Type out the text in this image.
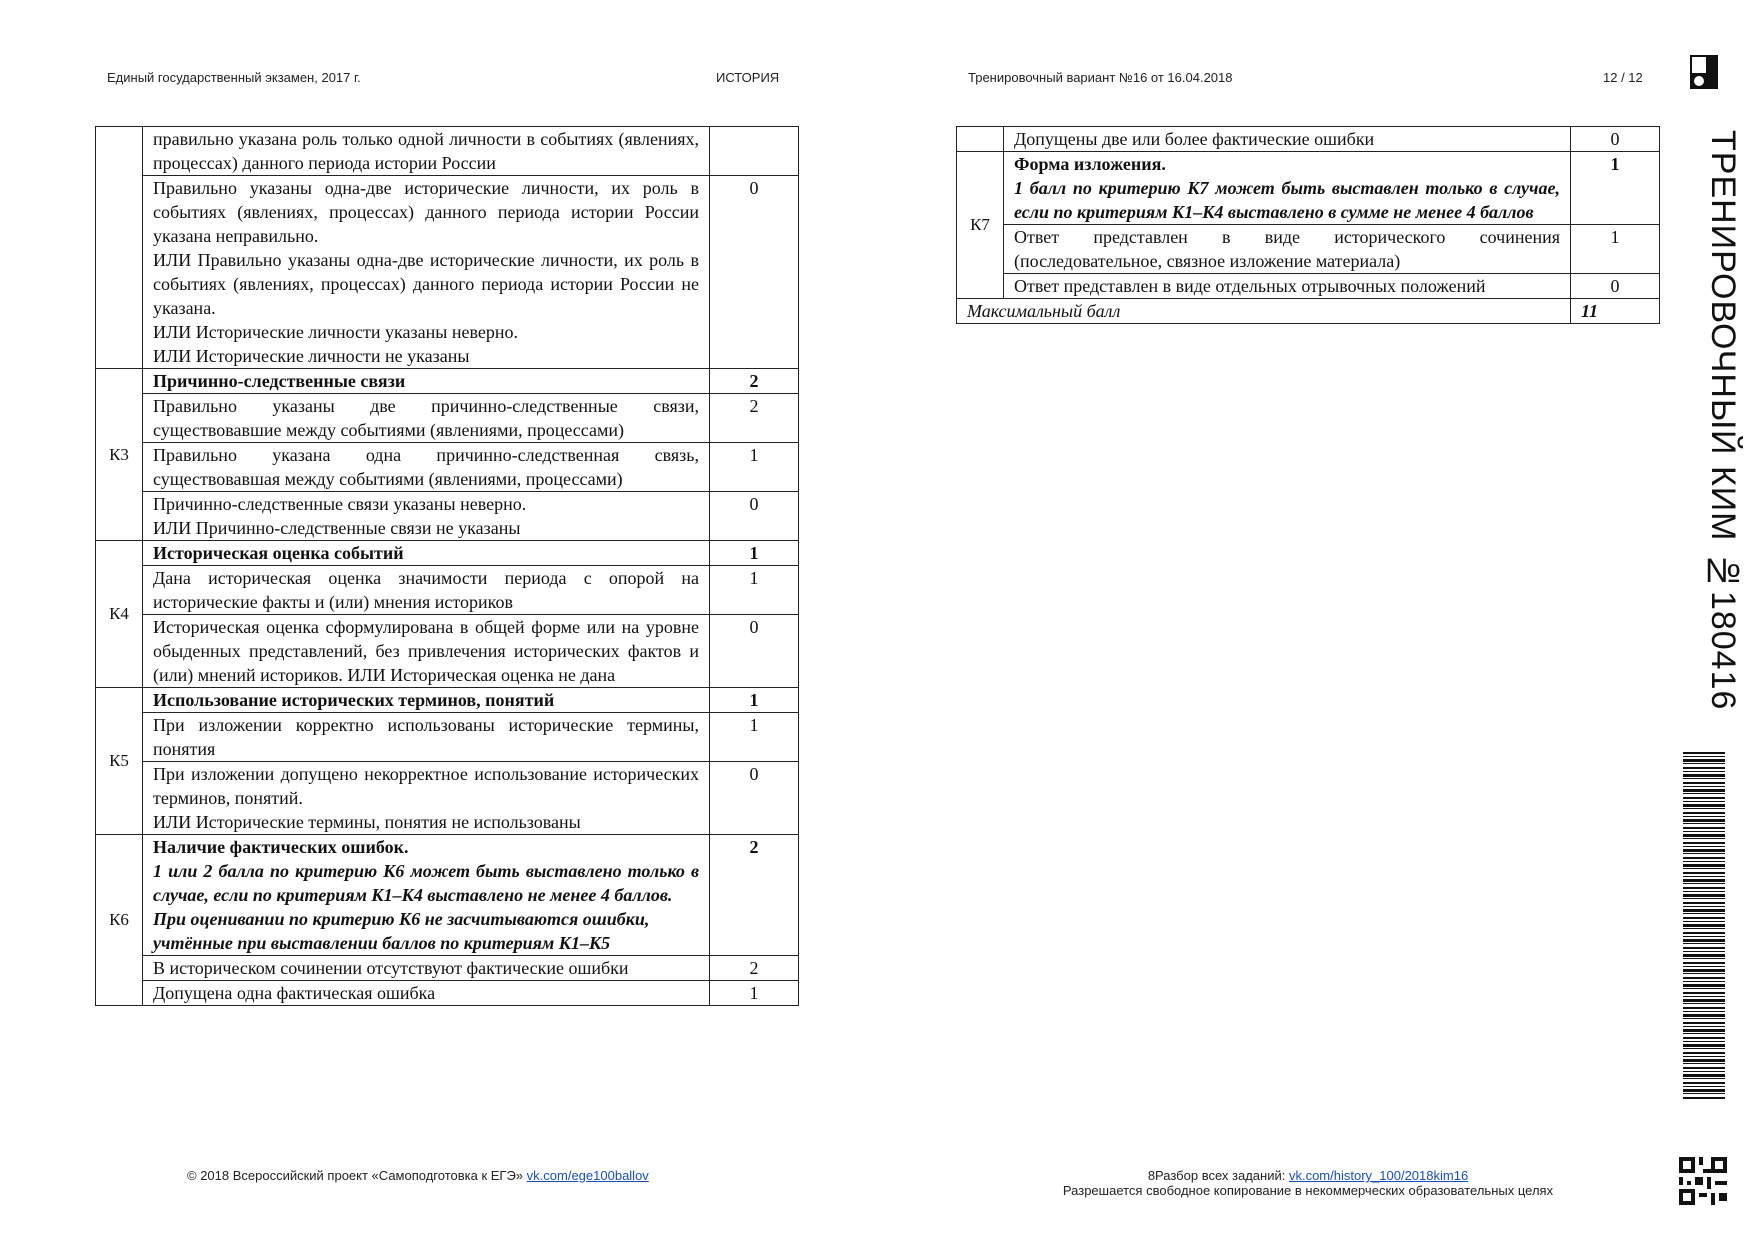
Единый государственный экзамен, 2017 г.	ИСТОРИЯ	Тренировочный вариант №16 от 16.04.2018	12 / 12
	правильно указана роль только одной личности в событиях (явлениях, процессах) данного периода истории России	

	Правильно указаны одна-две исторические личности, их роль в событиях (явлениях, процессах) данного периода истории России указана неправильно.
ИЛИ Правильно указаны одна-две исторические личности, их роль в событиях (явлениях, процессах) данного периода истории России не указана.
ИЛИ Исторические личности указаны неверно.
ИЛИ Исторические личности не указаны	0
К3	Причинно-следственные связи	2
	Правильно указаны две причинно-следственные связи, существовавшие между событиями (явлениями, процессами)	2
	Правильно указана одна причинно-следственная связь, существовавшая между событиями (явлениями, процессами)	1

	Причинно-следственные связи указаны неверно.
ИЛИ Причинно-следственные связи не указаны	0
К4	Историческая оценка событий	1
	Дана историческая оценка значимости периода с опорой на исторические факты и (или) мнения историков	1
	Историческая оценка сформулирована в общей форме или на уровне обыденных представлений, без привлечения исторических фактов и (или) мнений историков. ИЛИ Историческая оценка не дана	0
К5	Использование исторических терминов, понятий	1
	При изложении корректно использованы исторические термины, понятия	1

	При изложении допущено некорректное использование исторических терминов, понятий.
ИЛИ Исторические термины, понятия не использованы	0
К6	Наличие фактических ошибок.
1 или 2 балла по критерию К6 может быть выставлено только в случае, если по критериям К1–К4 выставлено не менее 4 баллов.
При оценивании по критерию К6 не засчитываются ошибки, учтённые при выставлении баллов по критериям К1–К5	2
	В историческом сочинении отсутствуют фактические ошибки	2
	Допущена одна фактическая ошибка	1
	Допущены две или более фактические ошибки	0
К7	Форма изложения.
1 балл по критерию К7 может быть выставлен только в случае, если по критериям К1–К4 выставлено в сумме не менее 4 баллов	1
	Ответ представлен в виде исторического сочинения (последовательное, связное изложение материала)	1
	Ответ представлен в виде отдельных отрывочных положений	0
Максимальный балл		11
© 2018 Всероссийский проект «Самоподготовка к ЕГЭ» vk.com/ege100ballov	8Разбор всех заданий: vk.com/history_100/2018kim16
Разрешается свободное копирование в некоммерческих образовательных целях
ТРЕНИРОВОЧНЫЙ КИМ №180416
